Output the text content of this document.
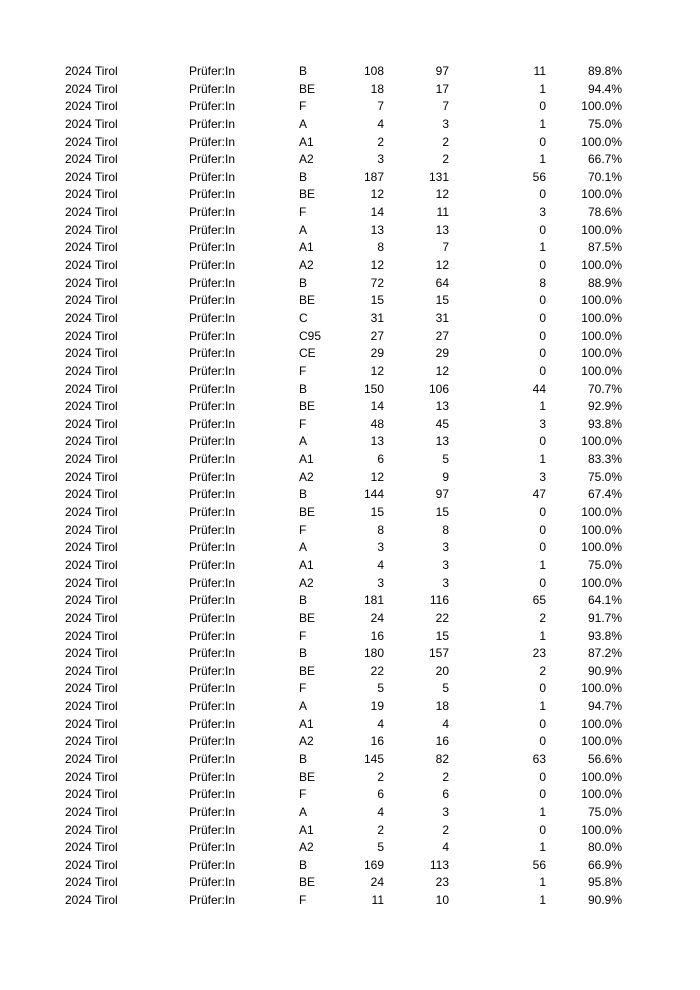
2024 Tirol	Prüfer:In	B	108	97	11	89.8%
2024 Tirol	Prüfer:In	BE	18	17	1	94.4%
2024 Tirol	Prüfer:In	F	7	7	0	100.0%
2024 Tirol	Prüfer:In	A	4	3	1	75.0%
2024 Tirol	Prüfer:In	A1	2	2	0	100.0%
2024 Tirol	Prüfer:In	A2	3	2	1	66.7%
2024 Tirol	Prüfer:In	B	187	131	56	70.1%
2024 Tirol	Prüfer:In	BE	12	12	0	100.0%
2024 Tirol	Prüfer:In	F	14	11	3	78.6%
2024 Tirol	Prüfer:In	A	13	13	0	100.0%
2024 Tirol	Prüfer:In	A1	8	7	1	87.5%
2024 Tirol	Prüfer:In	A2	12	12	0	100.0%
2024 Tirol	Prüfer:In	B	72	64	8	88.9%
2024 Tirol	Prüfer:In	BE	15	15	0	100.0%
2024 Tirol	Prüfer:In	C	31	31	0	100.0%
2024 Tirol	Prüfer:In	C95	27	27	0	100.0%
2024 Tirol	Prüfer:In	CE	29	29	0	100.0%
2024 Tirol	Prüfer:In	F	12	12	0	100.0%
2024 Tirol	Prüfer:In	B	150	106	44	70.7%
2024 Tirol	Prüfer:In	BE	14	13	1	92.9%
2024 Tirol	Prüfer:In	F	48	45	3	93.8%
2024 Tirol	Prüfer:In	A	13	13	0	100.0%
2024 Tirol	Prüfer:In	A1	6	5	1	83.3%
2024 Tirol	Prüfer:In	A2	12	9	3	75.0%
2024 Tirol	Prüfer:In	B	144	97	47	67.4%
2024 Tirol	Prüfer:In	BE	15	15	0	100.0%
2024 Tirol	Prüfer:In	F	8	8	0	100.0%
2024 Tirol	Prüfer:In	A	3	3	0	100.0%
2024 Tirol	Prüfer:In	A1	4	3	1	75.0%
2024 Tirol	Prüfer:In	A2	3	3	0	100.0%
2024 Tirol	Prüfer:In	B	181	116	65	64.1%
2024 Tirol	Prüfer:In	BE	24	22	2	91.7%
2024 Tirol	Prüfer:In	F	16	15	1	93.8%
2024 Tirol	Prüfer:In	B	180	157	23	87.2%
2024 Tirol	Prüfer:In	BE	22	20	2	90.9%
2024 Tirol	Prüfer:In	F	5	5	0	100.0%
2024 Tirol	Prüfer:In	A	19	18	1	94.7%
2024 Tirol	Prüfer:In	A1	4	4	0	100.0%
2024 Tirol	Prüfer:In	A2	16	16	0	100.0%
2024 Tirol	Prüfer:In	B	145	82	63	56.6%
2024 Tirol	Prüfer:In	BE	2	2	0	100.0%
2024 Tirol	Prüfer:In	F	6	6	0	100.0%
2024 Tirol	Prüfer:In	A	4	3	1	75.0%
2024 Tirol	Prüfer:In	A1	2	2	0	100.0%
2024 Tirol	Prüfer:In	A2	5	4	1	80.0%
2024 Tirol	Prüfer:In	B	169	113	56	66.9%
2024 Tirol	Prüfer:In	BE	24	23	1	95.8%
2024 Tirol	Prüfer:In	F	11	10	1	90.9%
